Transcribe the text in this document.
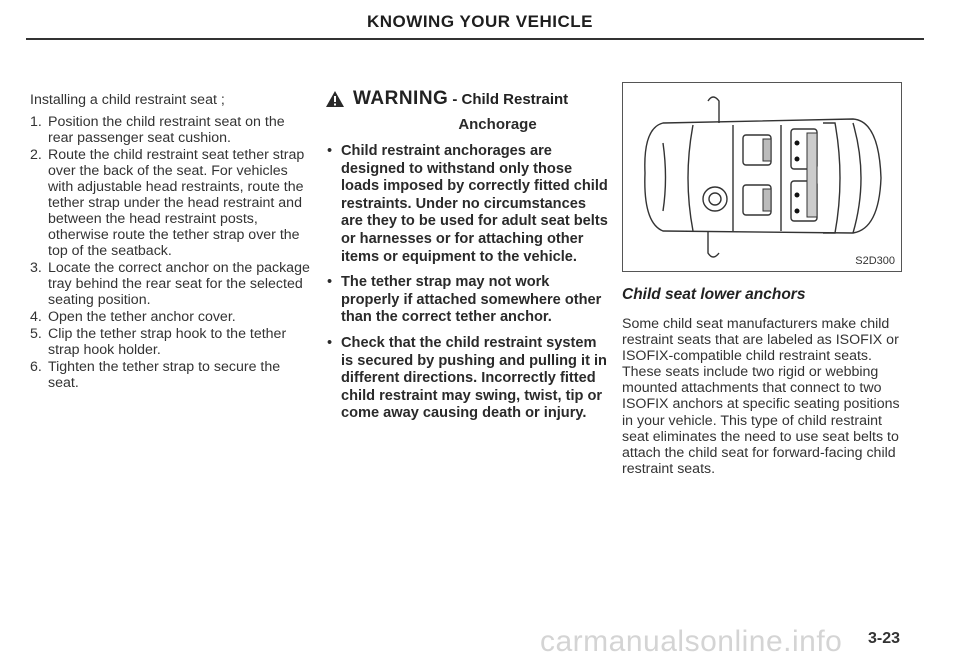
KNOWING YOUR VEHICLE

Installing a child restraint seat ;

1. Position the child restraint seat on the rear passenger seat cushion.
2. Route the child restraint seat tether strap over the back of the seat. For vehicles with adjustable head restraints, route the tether strap under the head restraint and between the head restraint posts, otherwise route the tether strap over the top of the seatback.
3. Locate the correct anchor on the package tray behind the rear seat for the selected seating position.
4. Open the tether anchor cover.
5. Clip the tether strap hook to the tether strap hook holder.
6. Tighten the tether strap to secure the seat.
WARNING - Child Restraint
Anchorage
• Child restraint anchorages are designed to withstand only those loads imposed by correctly fitted child restraints. Under no circumstances are they to be used for adult seat belts or harnesses or for attaching other items or equipment to the vehicle.
• The tether strap may not work properly if attached somewhere other than the correct tether anchor.
• Check that the child restraint system is secured by pushing and pulling it in different directions. Incorrectly fitted child restraint may swing, twist, tip or come away causing death or injury.
S2D300
Child seat lower anchors

Some child seat manufacturers make child restraint seats that are labeled as ISOFIX or ISOFIX-compatible child restraint seats. These seats include two rigid or webbing mounted attachments that connect to two ISOFIX anchors at specific seating positions in your vehicle. This type of child restraint seat eliminates the need to use seat belts to attach the child seat for forward-facing child restraint seats.

carmanualsonline.info 3-23
